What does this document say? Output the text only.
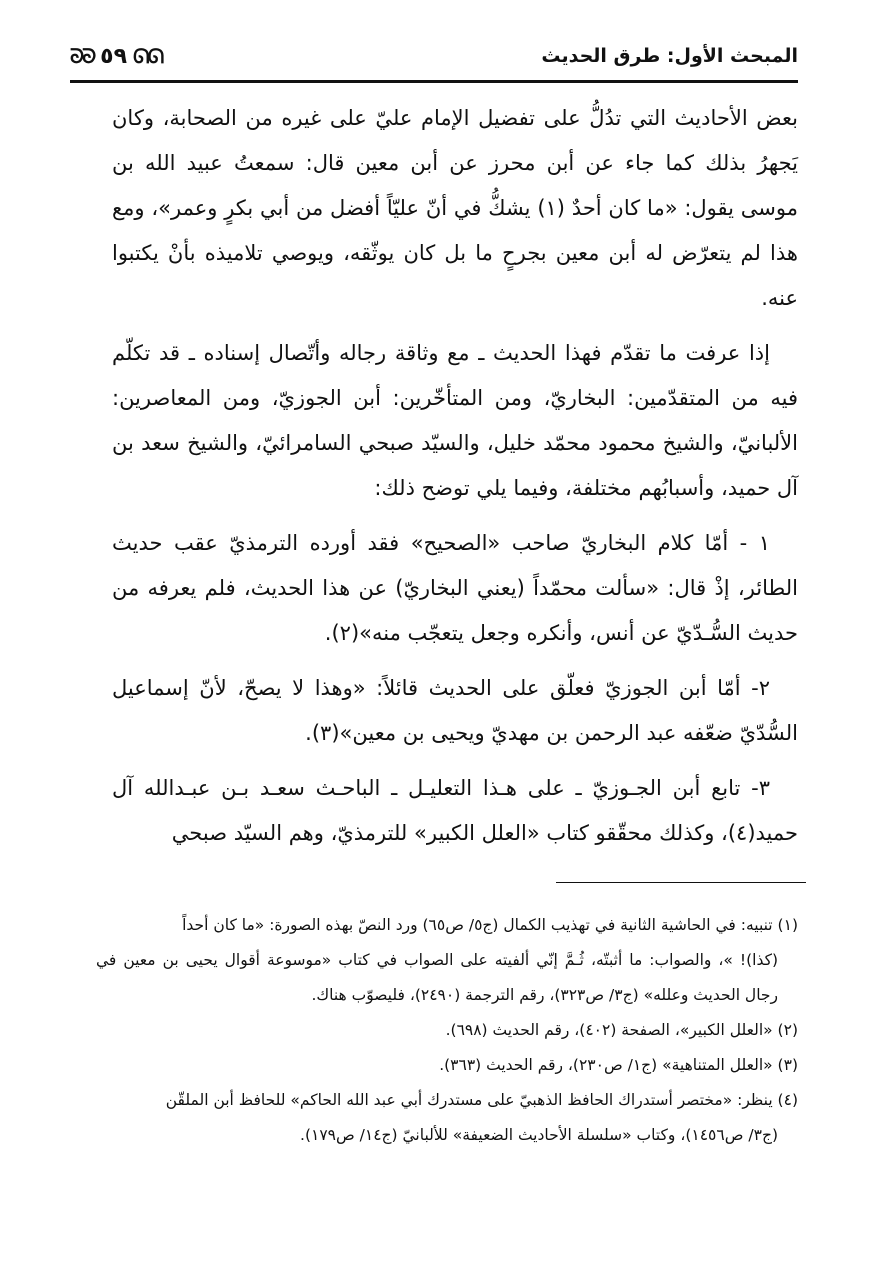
ᘐᘐ ٥٩ ᘏᘏ	المبحث الأول: طرق الحديث

بعض الأحاديث التي تدُلُّ على تفضيل الإمام عليّ على غيره من الصحابة، وكان يَجهرُ بذلك كما جاء عن أبن محرز عن أبن معين قال: سمعتُ عبيد الله بن موسى يقول: «ما كان أحدٌ (١) يشكُّ في أنّ عليّاً أفضل من أبي بكرٍ وعمر»، ومع هذا لم يتعرّض له أبن معين بجرحٍ ما بل كان يوثّقه، ويوصي تلاميذه بأنْ يكتبوا عنه.

إذا عرفت ما تقدّم فهذا الحديث ـ مع وثاقة رجاله وأتّصال إسناده ـ قد تكلّم فيه من المتقدّمين: البخاريّ، ومن المتأخّرين: أبن الجوزيّ، ومن المعاصرين: الألبانيّ، والشيخ محمود محمّد خليل، والسيّد صبحي السامرائيّ، والشيخ سعد بن آل حميد، وأسبابُهم مختلفة، وفيما يلي توضح ذلك:

١ - أمّا كلام البخاريّ صاحب «الصحيح» فقد أورده الترمذيّ عقب حديث الطائر، إذْ قال: «سألت محمّداً (يعني البخاريّ) عن هذا الحديث، فلم يعرفه من حديث السُّـدّيّ عن أنس، وأنكره وجعل يتعجّب منه»(٢).

٢- أمّا أبن الجوزيّ فعلّق على الحديث قائلاً: «وهذا لا يصحّ، لأنّ إسماعيل السُّدّيّ ضعّفه عبد الرحمن بن مهديّ ويحيى بن معين»(٣).

٣- تابع أبن الجـوزيّ ـ على هـذا التعليـل ـ الباحـث سعـد بـن عبـدالله آل حميد(٤)، وكذلك محقّقو كتاب «العلل الكبير» للترمذيّ، وهم السيّد صبحي

(١) تنبيه: في الحاشية الثانية في تهذيب الكمال (ج٥/ ص٦٥) ورد النصّ بهذه الصورة: «ما كان أحداً

(كذا)! »، والصواب: ما أثبتّه، ثُـمَّ إنّي ألفيته على الصواب في كتاب «موسوعة أقوال يحيى بن معين في رجال الحديث وعلله» (ج٣/ ص٣٢٣)، رقم الترجمة (٢٤٩٠)، فليصوّب هناك.

(٢) «العلل الكبير»، الصفحة (٤٠٢)، رقم الحديث (٦٩٨).

(٣) «العلل المتناهية» (ج١/ ص٢٣٠)، رقم الحديث (٣٦٣).

(٤) ينظر: «مختصر أستدراك الحافظ الذهبيّ على مستدرك أبي عبد الله الحاكم» للحافظ أبن الملقّن

(ج٣/ ص١٤٥٦)، وكتاب «سلسلة الأحاديث الضعيفة» للألبانيّ (ج١٤/ ص١٧٩).
